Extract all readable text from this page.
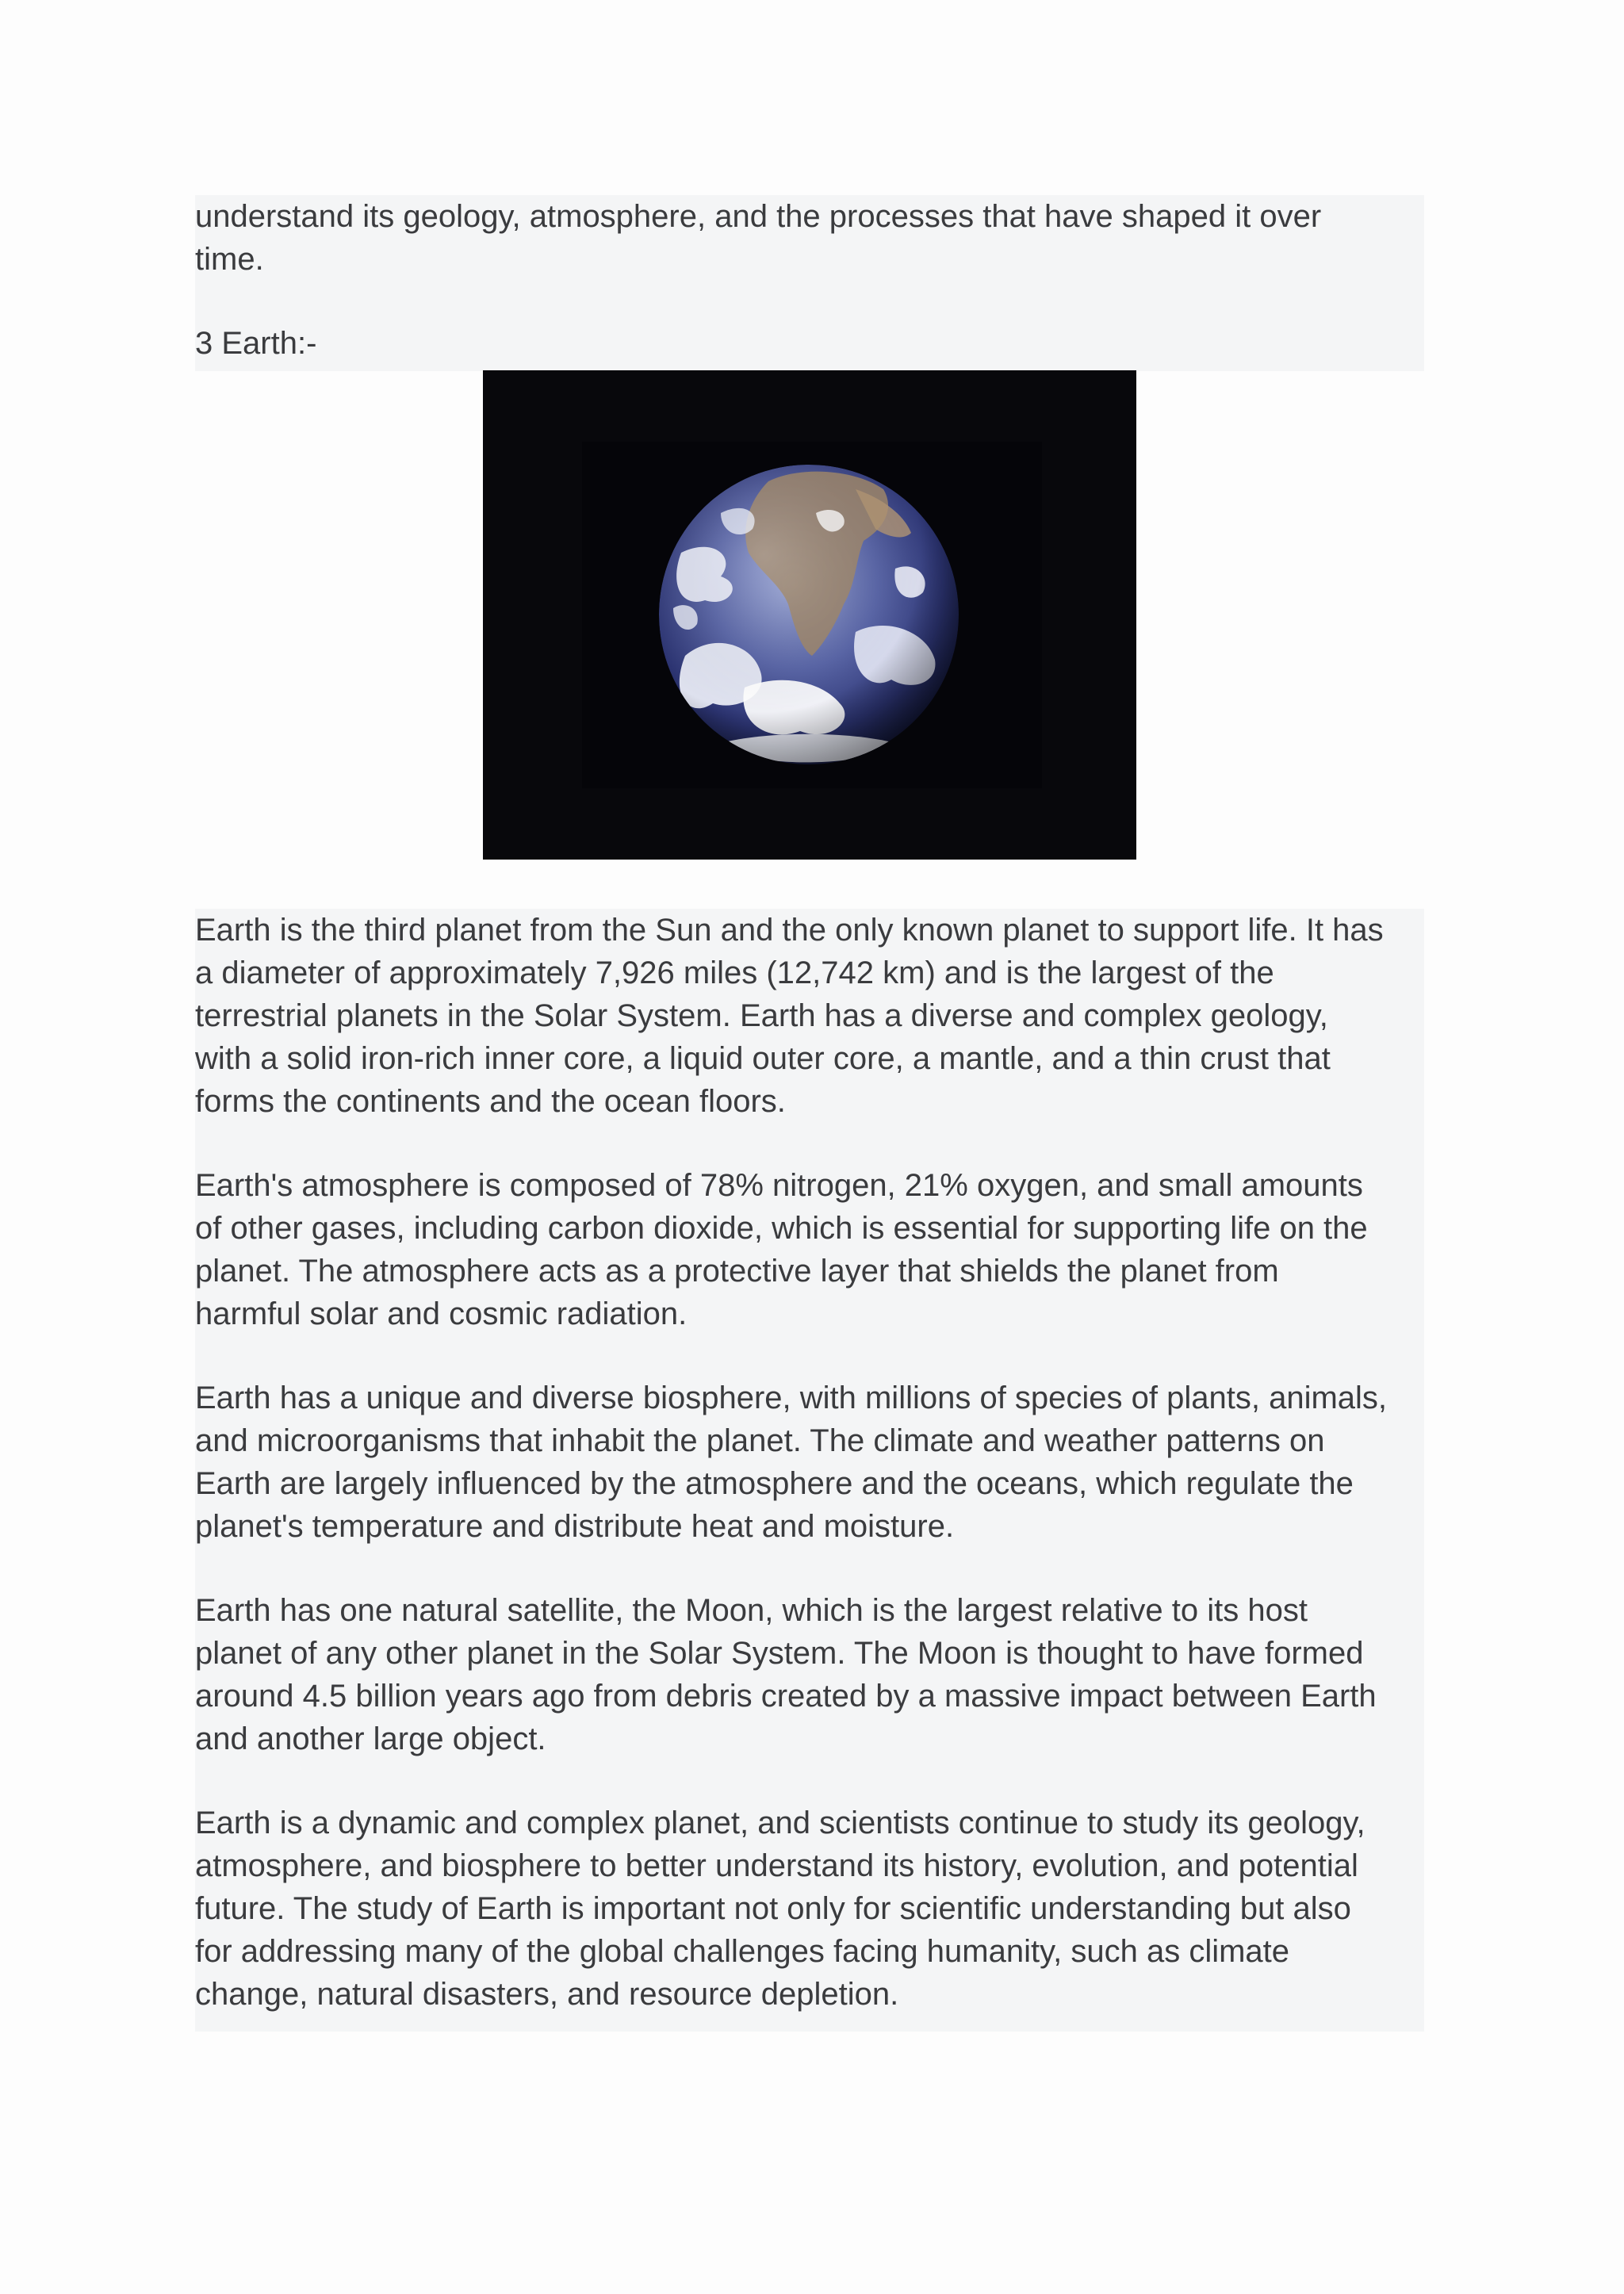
understand its geology, atmosphere, and the processes that have shaped it over
time.
3 Earth:-
Earth is the third planet from the Sun and the only known planet to support life. It has
a diameter of approximately 7,926 miles (12,742 km) and is the largest of the
terrestrial planets in the Solar System. Earth has a diverse and complex geology,
with a solid iron-rich inner core, a liquid outer core, a mantle, and a thin crust that
forms the continents and the ocean floors.
Earth's atmosphere is composed of 78% nitrogen, 21% oxygen, and small amounts
of other gases, including carbon dioxide, which is essential for supporting life on the
planet. The atmosphere acts as a protective layer that shields the planet from
harmful solar and cosmic radiation.
Earth has a unique and diverse biosphere, with millions of species of plants, animals,
and microorganisms that inhabit the planet. The climate and weather patterns on
Earth are largely influenced by the atmosphere and the oceans, which regulate the
planet's temperature and distribute heat and moisture.
Earth has one natural satellite, the Moon, which is the largest relative to its host
planet of any other planet in the Solar System. The Moon is thought to have formed
around 4.5 billion years ago from debris created by a massive impact between Earth
and another large object.
Earth is a dynamic and complex planet, and scientists continue to study its geology,
atmosphere, and biosphere to better understand its history, evolution, and potential
future. The study of Earth is important not only for scientific understanding but also
for addressing many of the global challenges facing humanity, such as climate
change, natural disasters, and resource depletion.
